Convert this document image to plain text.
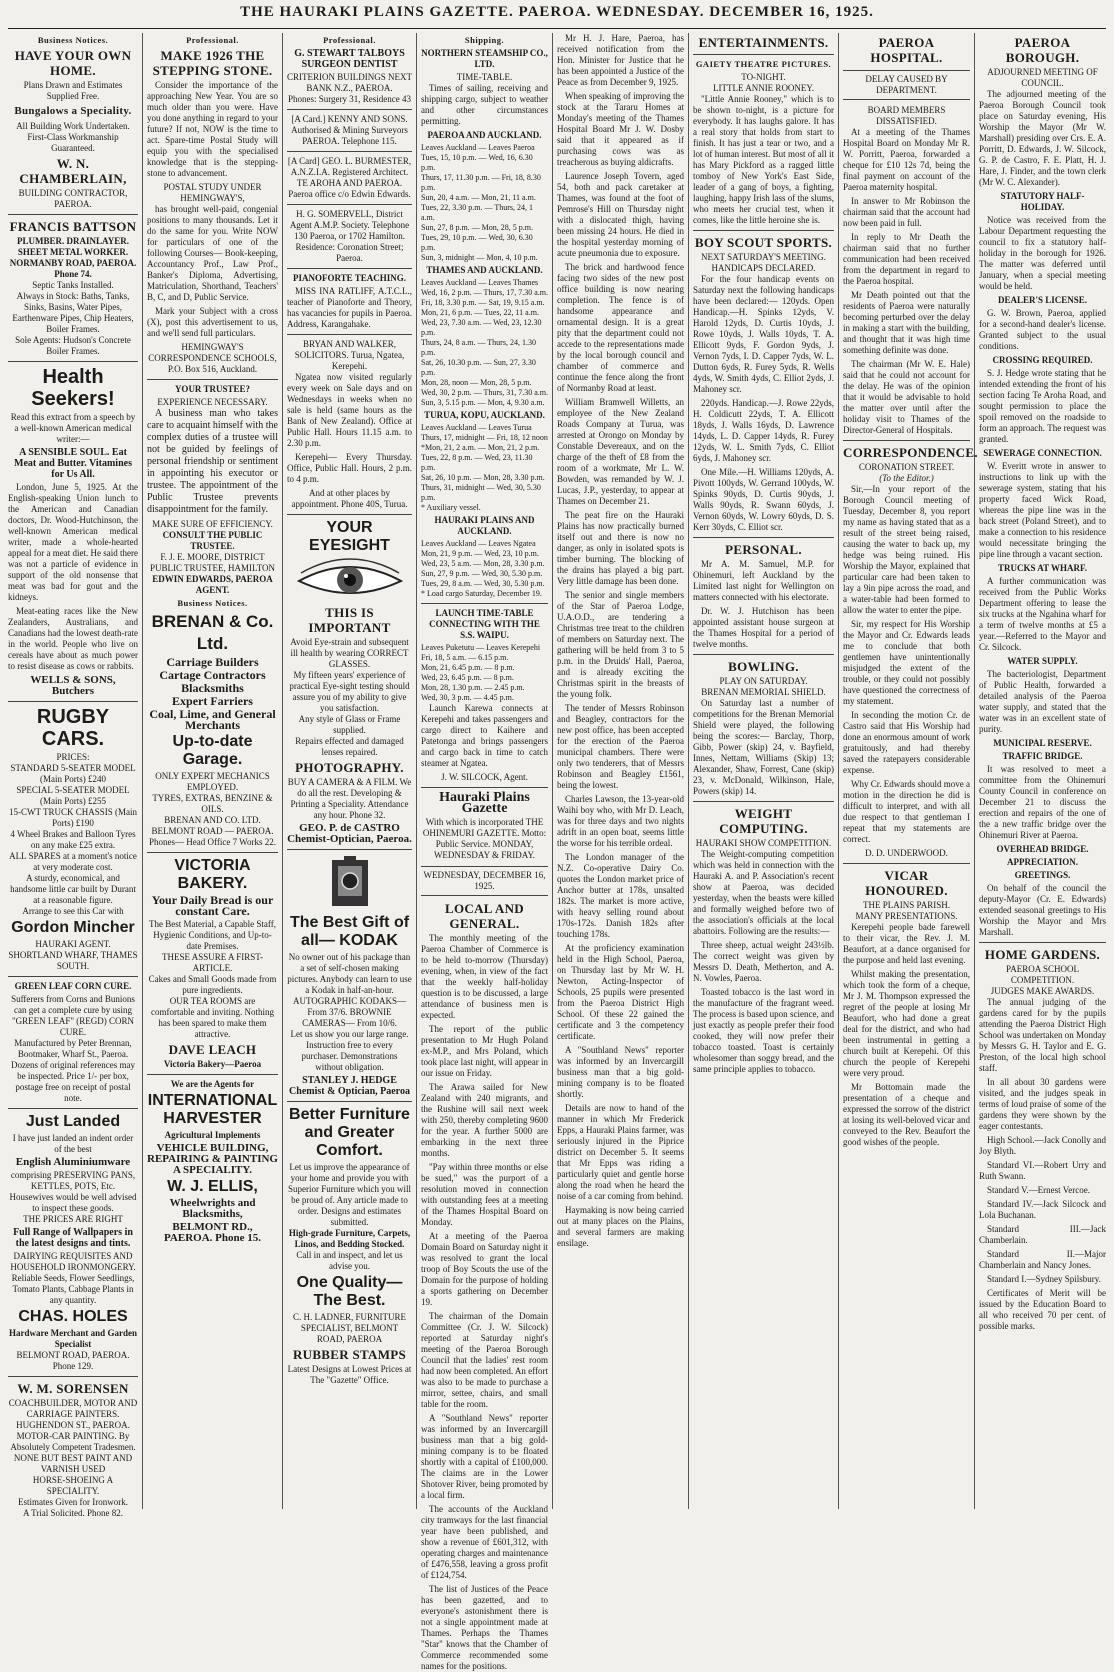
THE HAURAKI PLAINS GAZETTE. PAEROA. WEDNESDAY. DECEMBER 16, 1925.
Business Notices.
HAVE YOUR OWN HOME.
Plans Drawn and Estimates Supplied Free.
Bungalows a Speciality.
All Building Work Undertaken. First-Class Workmanship Guaranteed.
W. N. CHAMBERLAIN,
BUILDING CONTRACTOR, PAEROA.
FRANCIS BATTSON
PLUMBER. DRAINLAYER. SHEET METAL WORKER. NORMANBY ROAD, PAEROA. Phone 74.
Septic Tanks Installed.
Always in Stock: Baths, Tanks, Sinks, Basins, Water Pipes, Earthenware Pipes, Chip Heaters, Boiler Frames.
Sole Agents: Hudson's Concrete Boiler Frames.
Health Seekers!
Read this extract from a speech by a well-known American medical writer:—
A SENSIBLE SOUL. Eat Meat and Butter. Vitamines for Us All.
London, June 5, 1925. At the English-speaking Union lunch to the American and Canadian doctors, Dr. Wood-Hutchinson, the well-known American medical writer, made a whole-hearted appeal for a meat diet. He said there was not a particle of evidence in support of the old nonsense that meat was bad for gout and the kidneys.
Meat-eating races like the New Zealanders, Australians, and Canadians had the lowest death-rate in the world. People who live on cereals have about as much power to resist disease as cows or rabbits.
WELLS & SONS, Butchers
RUGBY CARS.
PRICES:
STANDARD 5-SEATER MODEL (Main Ports) £240
SPECIAL 5-SEATER MODEL (Main Ports) £255
15-CWT TRUCK CHASSIS (Main Ports) £190
4 Wheel Brakes and Balloon Tyres on any make £25 extra.
ALL SPARES at a moment's notice at very moderate cost.
A sturdy, economical, and handsome little car built by Durant at a reasonable figure.
Arrange to see this Car with
Gordon Mincher
HAURAKI AGENT. SHORTLAND WHARF, THAMES SOUTH.
GREEN LEAF CORN CURE.
Sufferers from Corns and Bunions can get a complete cure by using "GREEN LEAF" (REGD) CORN CURE.
Manufactured by Peter Brennan, Bootmaker, Wharf St., Paeroa. Dozens of original references may be inspected. Price 1/- per box, postage free on receipt of postal note.
Just Landed
I have just landed an indent order of the best
English Aluminiumware
comprising PRESERVING PANS, KETTLES, POTS, Etc. Housewives would be well advised to inspect these goods.
THE PRICES ARE RIGHT
Full Range of Wallpapers in the latest designs and tints.
DAIRYING REQUISITES AND HOUSEHOLD IRONMONGERY. Reliable Seeds, Flower Seedlings, Tomato Plants, Cabbage Plants in any quantity.
CHAS. HOLES
Hardware Merchant and Garden Specialist
BELMONT ROAD, PAEROA. Phone 129.
W. M. SORENSEN
COACHBUILDER, MOTOR AND CARRIAGE PAINTERS. HUGHENDON ST., PAEROA.
MOTOR-CAR PAINTING. By Absolutely Competent Tradesmen.
NONE BUT BEST PAINT AND VARNISH USED
HORSE-SHOEING A SPECIALITY.
Estimates Given for Ironwork.
A Trial Solicited. Phone 82.
Professional.
MAKE 1926 THE STEPPING STONE.
Consider the importance of the approaching New Year. You are so much older than you were. Have you done anything in regard to your future? If not, NOW is the time to act. Spare-time Postal Study will equip you with the specialised knowledge that is the stepping-stone to advancement.
POSTAL STUDY UNDER HEMINGWAY'S,
has brought well-paid, congenial positions to many thousands. Let it do the same for you. Write NOW for particulars of one of the following Courses— Book-keeping, Accountancy Prof., Law Prof., Banker's Diploma, Advertising, Matriculation, Shorthand, Teachers' B, C, and D, Public Service.
Mark your Subject with a cross (X), post this advertisement to us, and we'll send full particulars.
HEMINGWAY'S CORRESPONDENCE SCHOOLS, P.O. Box 516, Auckland.
YOUR TRUSTEE?
EXPERIENCE NECESSARY.
A business man who takes care to acquaint himself with the complex duties of a trustee will not be guided by feelings of personal friendship or sentiment in appointing his executor or trustee. The appointment of the Public Trustee prevents disappointment for the family.
MAKE SURE OF EFFICIENCY.
CONSULT THE PUBLIC TRUSTEE.
F. J. E. MOORE, DISTRICT PUBLIC TRUSTEE, HAMILTON
EDWIN EDWARDS, PAEROA AGENT.
Business Notices.
BRENAN & Co. Ltd.
Carriage Builders
Cartage Contractors
Blacksmiths
Expert Farriers
Coal, Lime, and General Merchants
Up-to-date Garage.
ONLY EXPERT MECHANICS EMPLOYED.
TYRES, EXTRAS, BENZINE & OILS.
BRENAN AND CO. LTD. BELMONT ROAD — PAEROA.
Phones— Head Office 7 Works 22.
VICTORIA BAKERY.
Your Daily Bread is our constant Care.
The Best Material, a Capable Staff, Hygienic Conditions, and Up-to-date Premises.
THESE ASSURE A FIRST-ARTICLE.
Cakes and Small Goods made from pure ingredients.
OUR TEA ROOMS are comfortable and inviting. Nothing has been spared to make them attractive.
DAVE LEACH
Victoria Bakery—Paeroa
We are the Agents for
INTERNATIONAL HARVESTER
Agricultural Implements
VEHICLE BUILDING, REPAIRING & PAINTING A SPECIALITY.
W. J. ELLIS,
Wheelwrights and Blacksmiths,
BELMONT RD., PAEROA. Phone 15.
Professional.
G. STEWART TALBOYS SURGEON DENTIST
CRITERION BUILDINGS NEXT BANK N.Z., PAEROA.
Phones: Surgery 31, Residence 43
[A Card.] KENNY AND SONS. Authorised & Mining Surveyors PAEROA. Telephone 115.
[A Card] GEO. L. BURMESTER, A.N.Z.I.A. Registered Architect. TE AROHA AND PAEROA. Paeroa office c/o Edwin Edwards.
H. G. SOMERVELL, District Agent A.M.P. Society. Telephone 130 Paeroa, or 1702 Hamilton. Residence: Coronation Street; Paeroa.
PIANOFORTE TEACHING.
MISS INA RATLIFF, A.T.C.L., teacher of Pianoforte and Theory, has vacancies for pupils in Paeroa. Address, Karangahake.
BRYAN AND WALKER, SOLICITORS. Turua, Ngatea, Kerepehi.
Ngatea now visited regularly every week on Sale days and on Wednesdays in weeks when no sale is held (same hours as the Bank of New Zealand). Office at Public Hall. Hours 11.15 a.m. to 2.30 p.m.
Kerepehi— Every Thursday. Office, Public Hall. Hours, 2 p.m. to 4 p.m.
And at other places by appointment. Phone 40S, Turua.
YOUR EYESIGHT
THIS IS IMPORTANT
Avoid Eye-strain and subsequent ill health by wearing CORRECT GLASSES.
My fifteen years' experience of practical Eye-sight testing should assure you of my ability to give you satisfaction.
Any style of Glass or Frame supplied.
Repairs effected and damaged lenses repaired.
PHOTOGRAPHY.
BUY A CAMERA & A FILM. We do all the rest. Developing & Printing a Speciality. Attendance any hour. Phone 32.
GEO. P. de CASTRO Chemist-Optician, Paeroa.
The Best Gift of all— KODAK
No owner out of his package than a set of self-chosen making pictures. Anybody can learn to use a Kodak in half-an-hour.
AUTOGRAPHIC KODAKS— From 37/6. BROWNIE CAMERAS— From 10/6.
Let us show you our large range. Instruction free to every purchaser. Demonstrations without obligation.
STANLEY J. HEDGE Chemist & Optician, Paeroa
Better Furniture and Greater Comfort.
Let us improve the appearance of your home and provide you with Superior Furniture which you will be proud of. Any article made to order. Designs and estimates submitted.
High-grade Furniture, Carpets, Linos, and Bedding Stocked.
Call in and inspect, and let us advise you.
One Quality—The Best.
C. H. LADNER, FURNITURE SPECIALIST, BELMONT ROAD, PAEROA
RUBBER STAMPS
Latest Designs at Lowest Prices at The "Gazette" Office.
Shipping.
NORTHERN STEAMSHIP CO., LTD.
TIME-TABLE.
Times of sailing, receiving and shipping cargo, subject to weather and other circumstances permitting.
PAEROA AND AUCKLAND.
Leaves Auckland — Leaves Paeroa
Tues, 15, 10 p.m. — Wed, 16, 6.30 p.m.
Thurs, 17, 11.30 p.m. — Fri, 18, 8.30 p.m.
Sun, 20, 4 a.m. — Mon, 21, 11 a.m.
Tues, 22, 3.30 p.m. — Thurs, 24, 1 a.m.
Sun, 27, 8 p.m. — Mon, 28, 5 p.m.
Tues, 29, 10 p.m. — Wed, 30, 6.30 p.m.
Sun, 3, midnight — Mon, 4, 10 p.m.
THAMES AND AUCKLAND.
Leaves Auckland — Leaves Thames
Wed, 16, 2 p.m. — Thurs, 17, 7.30 a.m.
Fri, 18, 3.30 p.m. — Sat, 19, 9.15 a.m.
Mon, 21, 6 p.m. — Tues, 22, 11 a.m.
Wed, 23, 7.30 a.m. — Wed, 23, 12.30 p.m.
Thurs, 24, 8 a.m. — Thurs, 24, 1.30 p.m.
Sat, 26, 10.30 p.m. — Sun, 27, 3.30 p.m.
Mon, 28, noon — Mon, 28, 5 p.m.
Wed, 30, 2 p.m. — Thurs, 31, 7.30 a.m.
Sun, 3, 5.15 p.m. — Mon, 4, 9.30 a.m.
TURUA, KOPU, AUCKLAND.
Leaves Auckland — Leaves Turua
Thurs, 17, midnight — Fri, 18, 12 noon
*Mon, 21, 2 a.m. — Mon, 21, 2 p.m.
Tues, 22, 8 p.m. — Wed, 23, 11.30 p.m.
Sat, 26, 10 p.m. — Mon, 28, 3.30 p.m.
Thurs, 31, midnight — Wed, 30, 5.30 p.m.
* Auxiliary vessel.
HAURAKI PLAINS AND AUCKLAND.
Leaves Auckland — Leaves Ngatea
Mon, 21, 9 p.m. — Wed, 23, 10 p.m.
Wed, 23, 5 a.m. — Mon, 28, 3.30 p.m.
Sun, 27, 9 p.m. — Wed, 30, 5.30 p.m.
Tues, 29, 8 a.m. — Wed, 30, 5.30 p.m.
* Load cargo Saturday, December 19.
LAUNCH TIME-TABLE CONNECTING WITH THE S.S. WAIPU.
Leaves Puketutu — Leaves Kerepehi
Fri, 18, 5 a.m. — 6.15 p.m.
Mon, 21, 6.45 p.m. — 8 p.m.
Wed, 23, 6.45 p.m. — 8 p.m.
Mon, 28, 1.30 p.m. — 2.45 p.m.
Wed, 30, 3 p.m. — 4.45 p.m.
Launch Karewa connects at Kerepehi and takes passengers and cargo direct to Kaihere and Patetonga and brings passengers and cargo back in time to catch steamer at Ngatea.
J. W. SILCOCK, Agent.
Hauraki Plains Gazette
With which is incorporated THE OHINEMURI GAZETTE. Motto: Public Service. MONDAY, WEDNESDAY & FRIDAY.
WEDNESDAY, DECEMBER 16, 1925.
LOCAL AND GENERAL.
The monthly meeting of the Paeroa Chamber of Commerce is to be held to-morrow (Thursday) evening, when, in view of the fact that the weekly half-holiday question is to be discussed, a large attendance of business men is expected.
The report of the public presentation to Mr Hugh Poland ex-M.P., and Mrs Poland, which took place last night, will appear in our issue on Friday.
The Arawa sailed for New Zealand with 240 migrants, and the Rushine will sail next week with 250, thereby completing 9600 for the year. A further 5000 are embarking in the next three months.
"Pay within three months or else be sued," was the purport of a resolution moved in connection with outstanding fees at a meeting of the Thames Hospital Board on Monday.
At a meeting of the Paeroa Domain Board on Saturday night it was resolved to grant the local troop of Boy Scouts the use of the Domain for the purpose of holding a sports gathering on December 19.
The chairman of the Domain Committee (Cr. J. W. Silcock) reported at Saturday night's meeting of the Paeroa Borough Council that the ladies' rest room had now been completed. An effort was also to be made to purchase a mirror, settee, chairs, and small table for the room.
A "Southland News" reporter was informed by an Invercargill business man that a big gold-mining company is to be floated shortly with a capital of £100,000. The claims are in the Lower Shotover River, being promoted by a local firm.
The accounts of the Auckland city tramways for the last financial year have been published, and show a revenue of £601,312, with operating charges and maintenance of £476,558, leaving a gross profit of £124,754.
The list of Justices of the Peace has been gazetted, and to everyone's astonishment there is not a single appointment made at Thames. Perhaps the Thames "Star" knows that the Chamber of Commerce recommended some names for the positions.
Mr H. J. Hare, Paeroa, has received notification from the Hon. Minister for Justice that he has been appointed a Justice of the Peace as from December 9, 1925.
When speaking of improving the stock at the Tararu Homes at Monday's meeting of the Thames Hospital Board Mr J. W. Dosby said that it appeared as if purchasing cows was as treacherous as buying aldicrafts.
Laurence Joseph Tovern, aged 54, both and pack caretaker at Thames, was found at the foot of Pemrose's Hill on Thursday night with a dislocated thigh, having been missing 24 hours. He died in the hospital yesterday morning of acute pneumonia due to exposure.
The brick and hardwood fence facing two sides of the new post office building is now nearing completion. The fence is of handsome appearance and ornamental design. It is a great pity that the department could not accede to the representations made by the local borough council and chamber of commerce and continue the fence along the front of Normanby Road at least.
William Bramwell Willetts, an employee of the New Zealand Roads Company at Turua, was arrested at Orongo on Monday by Constable Devereaux, and on the charge of the theft of £8 from the room of a workmate, Mr L. W. Bowden, was remanded by W. J. Lucas, J.P., yesterday, to appear at Thames on December 21.
The peat fire on the Hauraki Plains has now practically burned itself out and there is now no danger, as only in isolated spots is timber burning. The blocking of the drains has played a big part. Very little damage has been done.
The senior and single members of the Star of Paeroa Lodge, U.A.O.D., are tendering a Christmas tree treat to the children of members on Saturday next. The gathering will be held from 3 to 5 p.m. in the Druids' Hall, Paeroa, and is already exciting the Christmas spirit in the breasts of the young folk.
The tender of Messrs Robinson and Beagley, contractors for the new post office, has been accepted for the erection of the Paeroa municipal chambers. There were only two tenderers, that of Messrs Robinson and Beagley £1561, being the lowest.
Charles Lawson, the 13-year-old Waihi boy who, with Mr D. Leach, was for three days and two nights adrift in an open boat, seems little the worse for his terrible ordeal.
The London manager of the N.Z. Co-operative Dairy Co. quotes the London market price of Anchor butter at 178s, unsalted 182s. The market is more active, with heavy selling round about 170s-172s. Danish 182s after touching 178s.
At the proficiency examination held in the High School, Paeroa, on Thursday last by Mr W. H. Newton, Acting-Inspector of Schools, 25 pupils were presented from the Paeroa District High School. Of these 22 gained the certificate and 3 the competency certificate.
A "Southland News" reporter was informed by an Invercargill business man that a big gold-mining company is to be floated shortly.
Details are now to hand of the manner in which Mr Frederick Epps, a Hauraki Plains farmer, was seriously injured in the Piprice district on December 5. It seems that Mr Epps was riding a particularly quiet and gentle horse along the road when he heard the noise of a car coming from behind.
Haymaking is now being carried out at many places on the Plains, and several farmers are making ensilage.
ENTERTAINMENTS.
GAIETY THEATRE PICTURES.
TO-NIGHT.
LITTLE ANNIE ROONEY.
"Little Annie Rooney," which is to be shown to-night, is a picture for everybody. It has laughs galore. It has a real story that holds from start to finish. It has just a tear or two, and a lot of human interest. But most of all it has Mary Pickford as a ragged little tomboy of New York's East Side, leader of a gang of boys, a fighting, laughing, happy Irish lass of the slums, who meets her crucial test, when it comes, like the little heroine she is.
BOY SCOUT SPORTS.
NEXT SATURDAY'S MEETING.
HANDICAPS DECLARED.
For the four handicap events on Saturday next the following handicaps have been declared:— 120yds. Open Handicap.—H. Spinks 12yds, V. Harold 12yds, D. Curtis 10yds, J. Rowe 10yds, J. Walls 10yds, T. A. Ellicott 9yds, F. Gordon 9yds, J. Vernon 7yds, I. D. Capper 7yds, W. L. Dutton 6yds, R. Furey 5yds, R. Wells 4yds, W. Smith 4yds, C. Elliot 2yds, J. Mahoney scr.
220yds. Handicap.—J. Rowe 22yds, H. Coldicutt 22yds, T. A. Ellicott 18yds, J. Walls 16yds, D. Lawrence 14yds, L. D. Capper 14yds, R. Furey 12yds, W. L. Smith 7yds, C. Elliot 6yds, J. Mahoney scr.
One Mile.—H. Williams 120yds, A. Pivott 100yds, W. Gerrand 100yds, W. Spinks 90yds, D. Curtis 90yds, J. Walls 90yds, R. Swann 60yds, J. Vernon 60yds, W. Lowry 60yds, D. S. Kerr 30yds, C. Elliot scr.
PERSONAL.
Mr A. M. Samuel, M.P. for Ohinemuri, left Auckland by the Limited last night for Wellington on matters connected with his electorate.
Dr. W. J. Hutchison has been appointed assistant house surgeon at the Thames Hospital for a period of twelve months.
BOWLING.
PLAY ON SATURDAY.
BRENAN MEMORIAL SHIELD.
On Saturday last a number of competitions for the Brenan Memorial Shield were played, the following being the scores:— Barclay, Thorp, Gibb, Power (skip) 24, v. Bayfield, Innes, Nettam, Williams (Skip) 13; Alexander, Shaw, Forrest, Cane (skip) 23, v. McDonald, Wilkinson, Hale, Powers (skip) 14.
WEIGHT COMPUTING.
HAURAKI SHOW COMPETITION.
The Weight-computing competition which was held in connection with the Hauraki A. and P. Association's recent show at Paeroa, was decided yesterday, when the beasts were killed and formally weighed before two of the association's officials at the local abattoirs. Following are the results:—
Three sheep, actual weight 243½lb. The correct weight was given by Messrs D. Death, Metherton, and A. N. Vowles, Paeroa.
Toasted tobacco is the last word in the manufacture of the fragrant weed. The process is based upon science, and just exactly as people prefer their food cooked, they will now prefer their tobacco toasted. Toast is certainly wholesomer than soggy bread, and the same principle applies to tobacco.
PAEROA HOSPITAL.
DELAY CAUSED BY DEPARTMENT.
BOARD MEMBERS DISSATISFIED.
At a meeting of the Thames Hospital Board on Monday Mr R. W. Porritt, Paeroa, forwarded a cheque for £10 12s 7d, being the final payment on account of the Paeroa maternity hospital.
In answer to Mr Robinson the chairman said that the account had now been paid in full.
In reply to Mr Death the chairman said that no further communication had been received from the department in regard to the Paeroa hospital.
Mr Death pointed out that the residents of Paeroa were naturally becoming perturbed over the delay in making a start with the building, and thought that it was high time something definite was done.
The chairman (Mr W. E. Hale) said that he could not account for the delay. He was of the opinion that it would be advisable to hold the matter over until after the holiday visit to Thames of the Director-General of Hospitals.
CORRESPONDENCE.
CORONATION STREET.
(To the Editor.)
Sir,—In your report of the Borough Council meeting of Tuesday, December 8, you report my name as having stated that as a result of the street being raised, causing the water to back up, my hedge was being ruined. His Worship the Mayor, explained that particular care had been taken to lay a 9in pipe across the road, and a water-table had been formed to allow the water to enter the pipe.
Sir, my respect for His Worship the Mayor and Cr. Edwards leads me to conclude that both gentlemen have unintentionally misjudged the extent of the trouble, or they could not possibly have questioned the correctness of my statement.
In seconding the motion Cr. de Castro said that His Worship had done an enormous amount of work gratuitously, and had thereby saved the ratepayers considerable expense.
Why Cr. Edwards should move a motion in the direction he did is difficult to interpret, and with all due respect to that gentleman I repeat that my statements are correct.
D. D. UNDERWOOD.
VICAR HONOURED.
THE PLAINS PARISH.
MANY PRESENTATIONS.
Kerepehi people bade farewell to their vicar, the Rev. J. M. Beaufort, at a dance organised for the purpose and held last evening.
Whilst making the presentation, which took the form of a cheque, Mr J. M. Thompson expressed the regret of the people at losing Mr Beaufort, who had done a great deal for the district, and who had been instrumental in getting a church built at Kerepehi. Of this church the people of Kerepehi were very proud.
Mr Bottomain made the presentation of a cheque and expressed the sorrow of the district at losing its well-beloved vicar and conveyed to the Rev. Beaufort the good wishes of the people.
PAEROA BOROUGH.
ADJOURNED MEETING OF COUNCIL.
The adjourned meeting of the Paeroa Borough Council took place on Saturday evening, His Worship the Mayor (Mr W. Marshall) presiding over Crs. E. A. Porritt, D. Edwards, J. W. Silcock, G. P. de Castro, F. E. Platt, H. J. Hare, J. Finder, and the town clerk (Mr W. C. Alexander).
STATUTORY HALF-HOLIDAY.
Notice was received from the Labour Department requesting the council to fix a statutory half-holiday in the borough for 1926. The matter was deferred until January, when a special meeting would be held.
DEALER'S LICENSE.
G. W. Brown, Paeroa, applied for a second-hand dealer's license. Granted subject to the usual conditions.
CROSSING REQUIRED.
S. J. Hedge wrote stating that he intended extending the front of his section facing Te Aroha Road, and sought permission to place the spoil removed on the roadside to form an approach. The request was granted.
SEWERAGE CONNECTION.
W. Everitt wrote in answer to instructions to link up with the sewerage system, stating that his property faced Wick Road, whereas the pipe line was in the back street (Poland Street), and to make a connection to his residence would necessitate bringing the pipe line through a vacant section.
TRUCKS AT WHARF.
A further communication was received from the Public Works Department offering to lease the six trucks at the Ngahina wharf for a term of twelve months at £5 a year.—Referred to the Mayor and Cr. Silcock.
WATER SUPPLY.
The bacteriologist, Department of Public Health, forwarded a detailed analysis of the Paeroa water supply, and stated that the water was in an excellent state of purity.
MUNICIPAL RESERVE.
TRAFFIC BRIDGE.
It was resolved to meet a committee from the Ohinemuri County Council in conference on December 21 to discuss the erection and repairs of the one of the a new traffic bridge over the Ohinemuri River at Paeroa.
OVERHEAD BRIDGE.
APPRECIATION.
GREETINGS.
On behalf of the council the deputy-Mayor (Cr. E. Edwards) extended seasonal greetings to His Worship the Mayor and Mrs Marshall.
HOME GARDENS.
PAEROA SCHOOL COMPETITION.
JUDGES MAKE AWARDS.
The annual judging of the gardens cared for by the pupils attending the Paeroa District High School was undertaken on Monday by Messrs G. H. Taylor and E. G. Preston, of the local high school staff.
In all about 30 gardens were visited, and the judges speak in terms of loud praise of some of the gardens they were shown by the eager contestants.
High School.—Jack Conolly and Joy Blyth.
Standard VI.—Robert Urry and Ruth Swann.
Standard V.—Ernest Vercoe.
Standard IV.—Jack Silcock and Lola Buchanan.
Standard III.—Jack Chamberlain.
Standard II.—Major Chamberlain and Nancy Jones.
Standard I.—Sydney Spilsbury.
Certificates of Merit will be issued by the Education Board to all who received 70 per cent. of possible marks.
